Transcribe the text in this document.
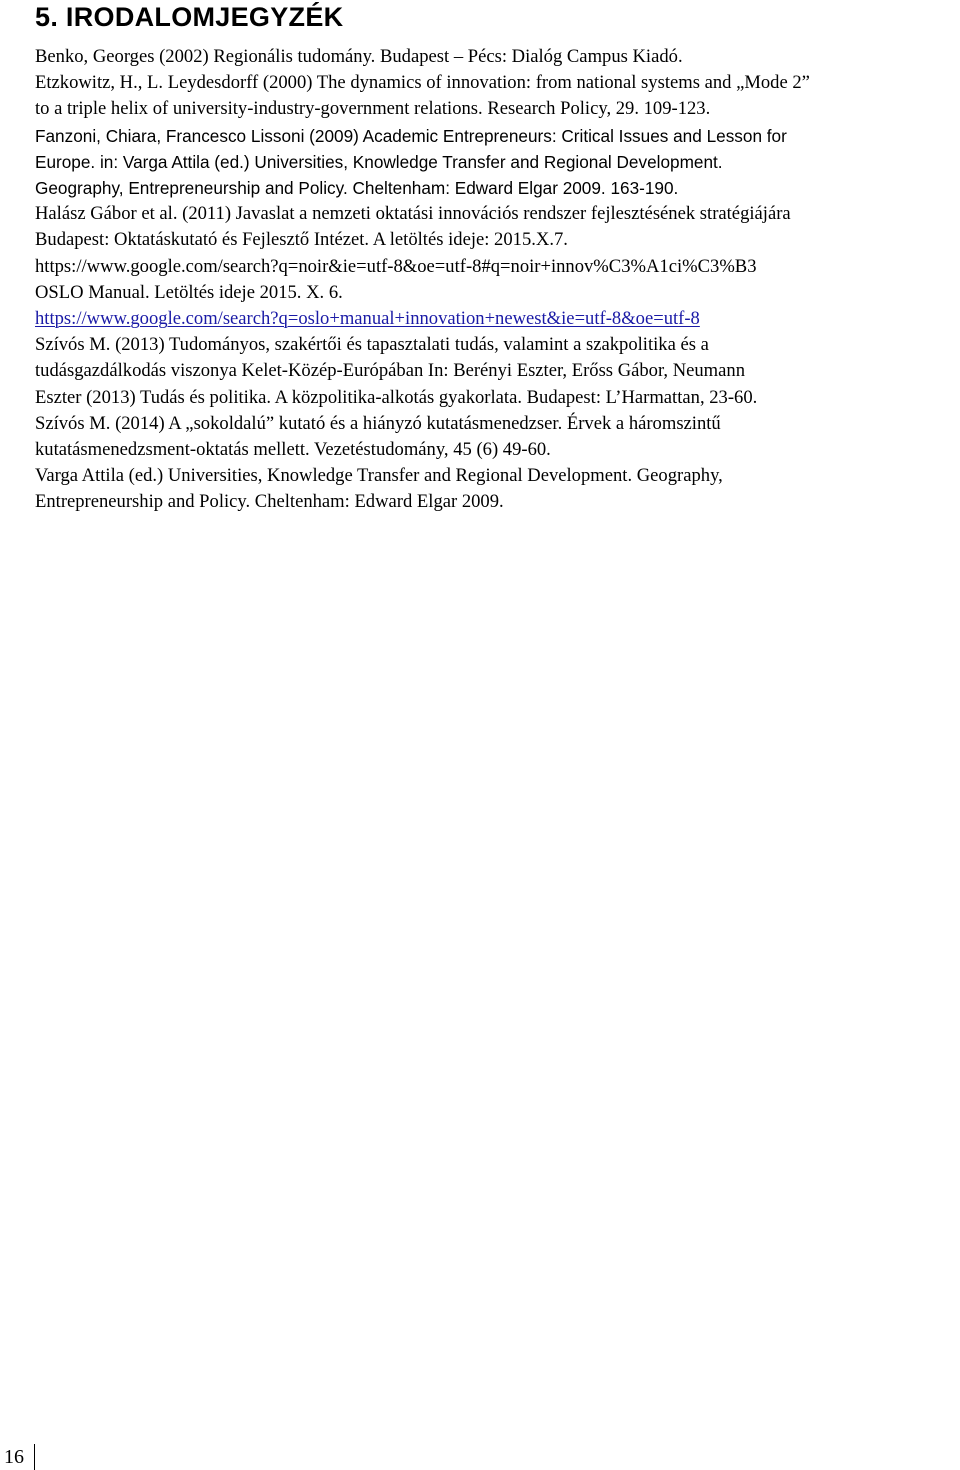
5. IRODALOMJEGYZÉK
Benko, Georges (2002) Regionális tudomány. Budapest – Pécs: Dialóg Campus Kiadó.
Etzkowitz, H., L. Leydesdorff (2000) The dynamics of innovation: from national systems and „Mode 2”
to a triple helix of university-industry-government relations. Research Policy, 29. 109-123.
Fanzoni, Chiara, Francesco Lissoni (2009) Academic Entrepreneurs: Critical Issues and Lesson for
Europe. in: Varga Attila (ed.) Universities, Knowledge Transfer and Regional Development.
Geography, Entrepreneurship and Policy. Cheltenham: Edward Elgar 2009. 163-190.
Halász Gábor et al. (2011) Javaslat a nemzeti oktatási innovációs rendszer fejlesztésének stratégiájára
Budapest: Oktatáskutató és Fejlesztő Intézet. A letöltés ideje: 2015.X.7.
https://www.google.com/search?q=noir&ie=utf-8&oe=utf-8#q=noir+innov%C3%A1ci%C3%B3
OSLO Manual. Letöltés ideje 2015. X. 6.
https://www.google.com/search?q=oslo+manual+innovation+newest&ie=utf-8&oe=utf-8
Szívós M. (2013) Tudományos, szakértői és tapasztalati tudás, valamint a szakpolitika és a
tudásgazdálkodás viszonya Kelet-Közép-Európában In: Berényi Eszter, Erőss Gábor, Neumann
Eszter (2013) Tudás és politika. A közpolitika-alkotás gyakorlata. Budapest: L’Harmattan, 23-60.
Szívós M. (2014) A „sokoldalú” kutató és a hiányzó kutatásmenedzser. Érvek a háromszintű
kutatásmenedzsment-oktatás mellett. Vezetéstudomány, 45 (6) 49-60.
Varga Attila (ed.) Universities, Knowledge Transfer and Regional Development. Geography,
Entrepreneurship and Policy. Cheltenham: Edward Elgar 2009.
16
